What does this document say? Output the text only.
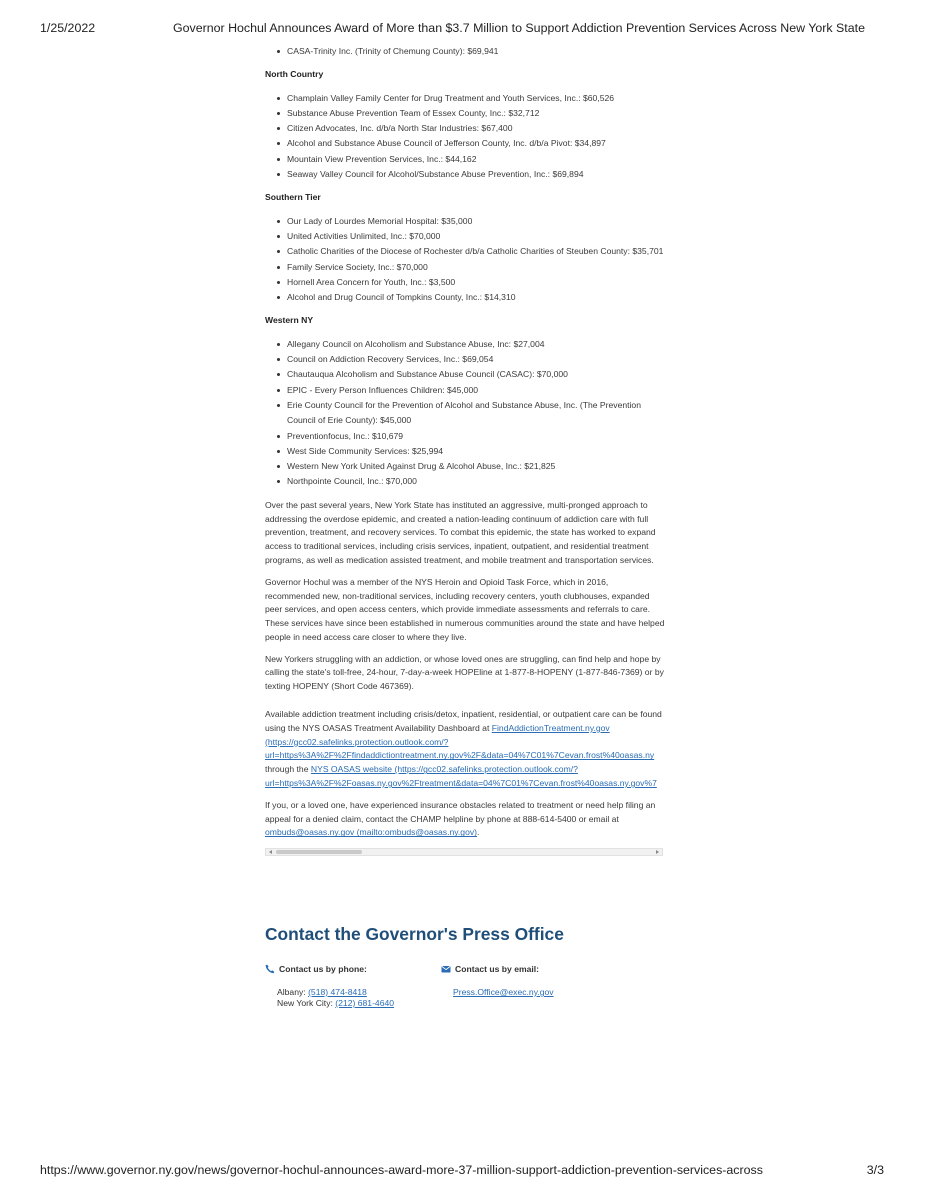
1/25/2022	Governor Hochul Announces Award of More than $3.7 Million to Support Addiction Prevention Services Across New York State
CASA-Trinity Inc. (Trinity of Chemung County): $69,941
North Country
Champlain Valley Family Center for Drug Treatment and Youth Services, Inc.: $60,526
Substance Abuse Prevention Team of Essex County, Inc.: $32,712
Citizen Advocates, Inc. d/b/a North Star Industries: $67,400
Alcohol and Substance Abuse Council of Jefferson County, Inc. d/b/a Pivot: $34,897
Mountain View Prevention Services, Inc.: $44,162
Seaway Valley Council for Alcohol/Substance Abuse Prevention, Inc.: $69,894
Southern Tier
Our Lady of Lourdes Memorial Hospital: $35,000
United Activities Unlimited, Inc.: $70,000
Catholic Charities of the Diocese of Rochester d/b/a Catholic Charities of Steuben County: $35,701
Family Service Society, Inc.: $70,000
Hornell Area Concern for Youth, Inc.: $3,500
Alcohol and Drug Council of Tompkins County, Inc.: $14,310
Western NY
Allegany Council on Alcoholism and Substance Abuse, Inc: $27,004
Council on Addiction Recovery Services, Inc.: $69,054
Chautauqua Alcoholism and Substance Abuse Council (CASAC): $70,000
EPIC - Every Person Influences Children: $45,000
Erie County Council for the Prevention of Alcohol and Substance Abuse, Inc. (The Prevention Council of Erie County): $45,000
Preventionfocus, Inc.: $10,679
West Side Community Services: $25,994
Western New York United Against Drug & Alcohol Abuse, Inc.: $21,825
Northpointe Council, Inc.: $70,000

Over the past several years, New York State has instituted an aggressive, multi-pronged approach to addressing the overdose epidemic, and created a nation-leading continuum of addiction care with full prevention, treatment, and recovery services. To combat this epidemic, the state has worked to expand access to traditional services, including crisis services, inpatient, outpatient, and residential treatment programs, as well as medication assisted treatment, and mobile treatment and transportation services.

Governor Hochul was a member of the NYS Heroin and Opioid Task Force, which in 2016, recommended new, non-traditional services, including recovery centers, youth clubhouses, expanded peer services, and open access centers, which provide immediate assessments and referrals to care. These services have since been established in numerous communities around the state and have helped people in need access care closer to where they live.

New Yorkers struggling with an addiction, or whose loved ones are struggling, can find help and hope by calling the state's toll-free, 24-hour, 7-day-a-week HOPEline at 1-877-8-HOPENY (1-877-846-7369) or by texting HOPENY (Short Code 467369).

Available addiction treatment including crisis/detox, inpatient, residential, or outpatient care can be found using the NYS OASAS Treatment Availability Dashboard at FindAddictionTreatment.ny.gov
(https://gcc02.safelinks.protection.outlook.com/?
url=https%3A%2F%2Ffindaddictiontreatment.ny.gov%2F&data=04%7C01%7Cevan.frost%40oasas.ny
through the NYS OASAS website (https://gcc02.safelinks.protection.outlook.com/?
url=https%3A%2F%2Foasas.ny.gov%2Ftreatment&data=04%7C01%7Cevan.frost%40oasas.ny.gov%7

If you, or a loved one, have experienced insurance obstacles related to treatment or need help filing an appeal for a denied claim, contact the CHAMP helpline by phone at 888-614-5400 or email at ombuds@oasas.ny.gov (mailto:ombuds@oasas.ny.gov).

Contact the Governor's Press Office
Contact us by phone:
Albany: (518) 474-8418
New York City: (212) 681-4640
Contact us by email:
Press.Office@exec.ny.gov
https://www.governor.ny.gov/news/governor-hochul-announces-award-more-37-million-support-addiction-prevention-services-across	3/3
